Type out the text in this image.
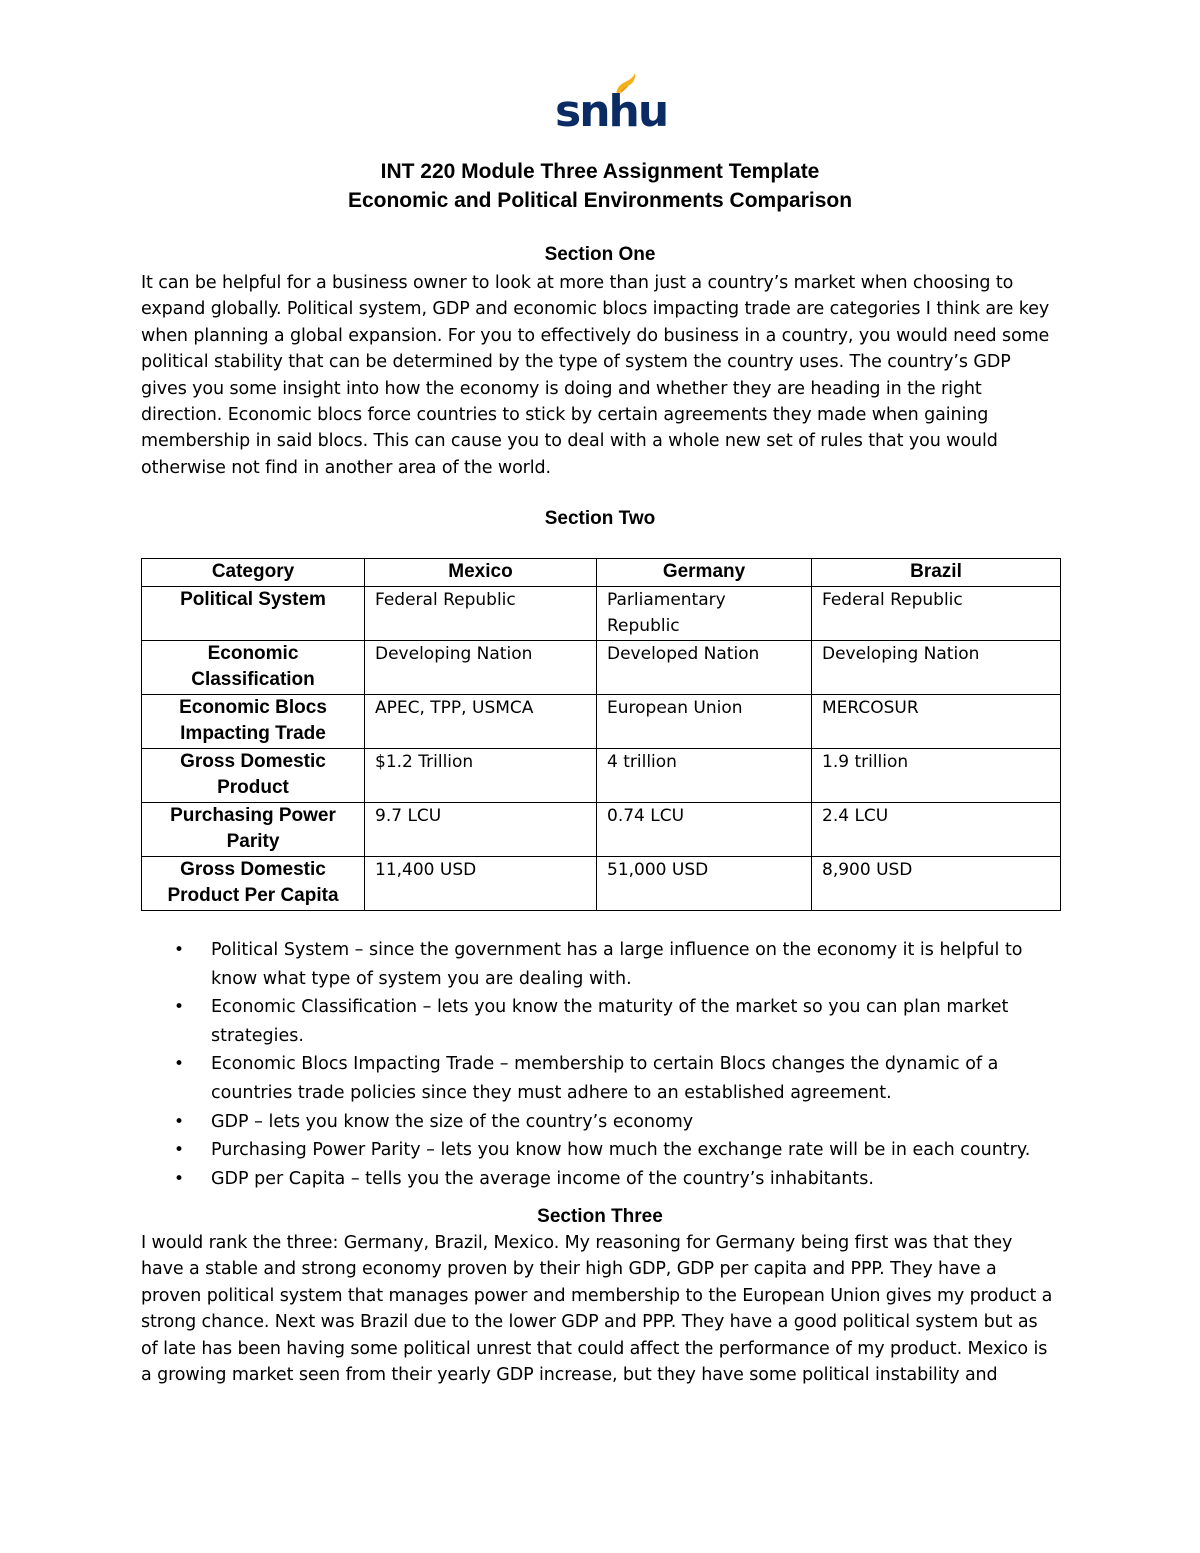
snhu
INT 220 Module Three Assignment Template
Economic and Political Environments Comparison
Section One
It can be helpful for a business owner to look at more than just a country’s market when choosing to
expand globally. Political system, GDP and economic blocs impacting trade are categories I think are key
when planning a global expansion. For you to effectively do business in a country, you would need some
political stability that can be determined by the type of system the country uses. The country’s GDP
gives you some insight into how the economy is doing and whether they are heading in the right
direction. Economic blocs force countries to stick by certain agreements they made when gaining
membership in said blocs. This can cause you to deal with a whole new set of rules that you would
otherwise not find in another area of the world.
Section Two
Category	Mexico	Germany	Brazil
Political System	Federal Republic	Parliamentary Republic	Federal Republic

Economic
Classification	Developing Nation	Developed Nation	Developing Nation

Economic Blocs
Impacting Trade	APEC, TPP, USMCA	European Union	MERCOSUR

Gross Domestic
Product	$1.2 Trillion	4 trillion	1.9 trillion

Purchasing Power
Parity	9.7 LCU	0.74 LCU	2.4 LCU

Gross Domestic
Product Per Capita	11,400 USD	51,000 USD	8,900 USD
• Political System – since the government has a large influence on the economy it is helpful to
know what type of system you are dealing with.
• Economic Classification – lets you know the maturity of the market so you can plan market
strategies.
• Economic Blocs Impacting Trade – membership to certain Blocs changes the dynamic of a
countries trade policies since they must adhere to an established agreement.
• GDP – lets you know the size of the country’s economy
• Purchasing Power Parity – lets you know how much the exchange rate will be in each country.
• GDP per Capita – tells you the average income of the country’s inhabitants.
Section Three
I would rank the three: Germany, Brazil, Mexico. My reasoning for Germany being first was that they
have a stable and strong economy proven by their high GDP, GDP per capita and PPP. They have a
proven political system that manages power and membership to the European Union gives my product a
strong chance. Next was Brazil due to the lower GDP and PPP. They have a good political system but as
of late has been having some political unrest that could affect the performance of my product. Mexico is
a growing market seen from their yearly GDP increase, but they have some political instability and
